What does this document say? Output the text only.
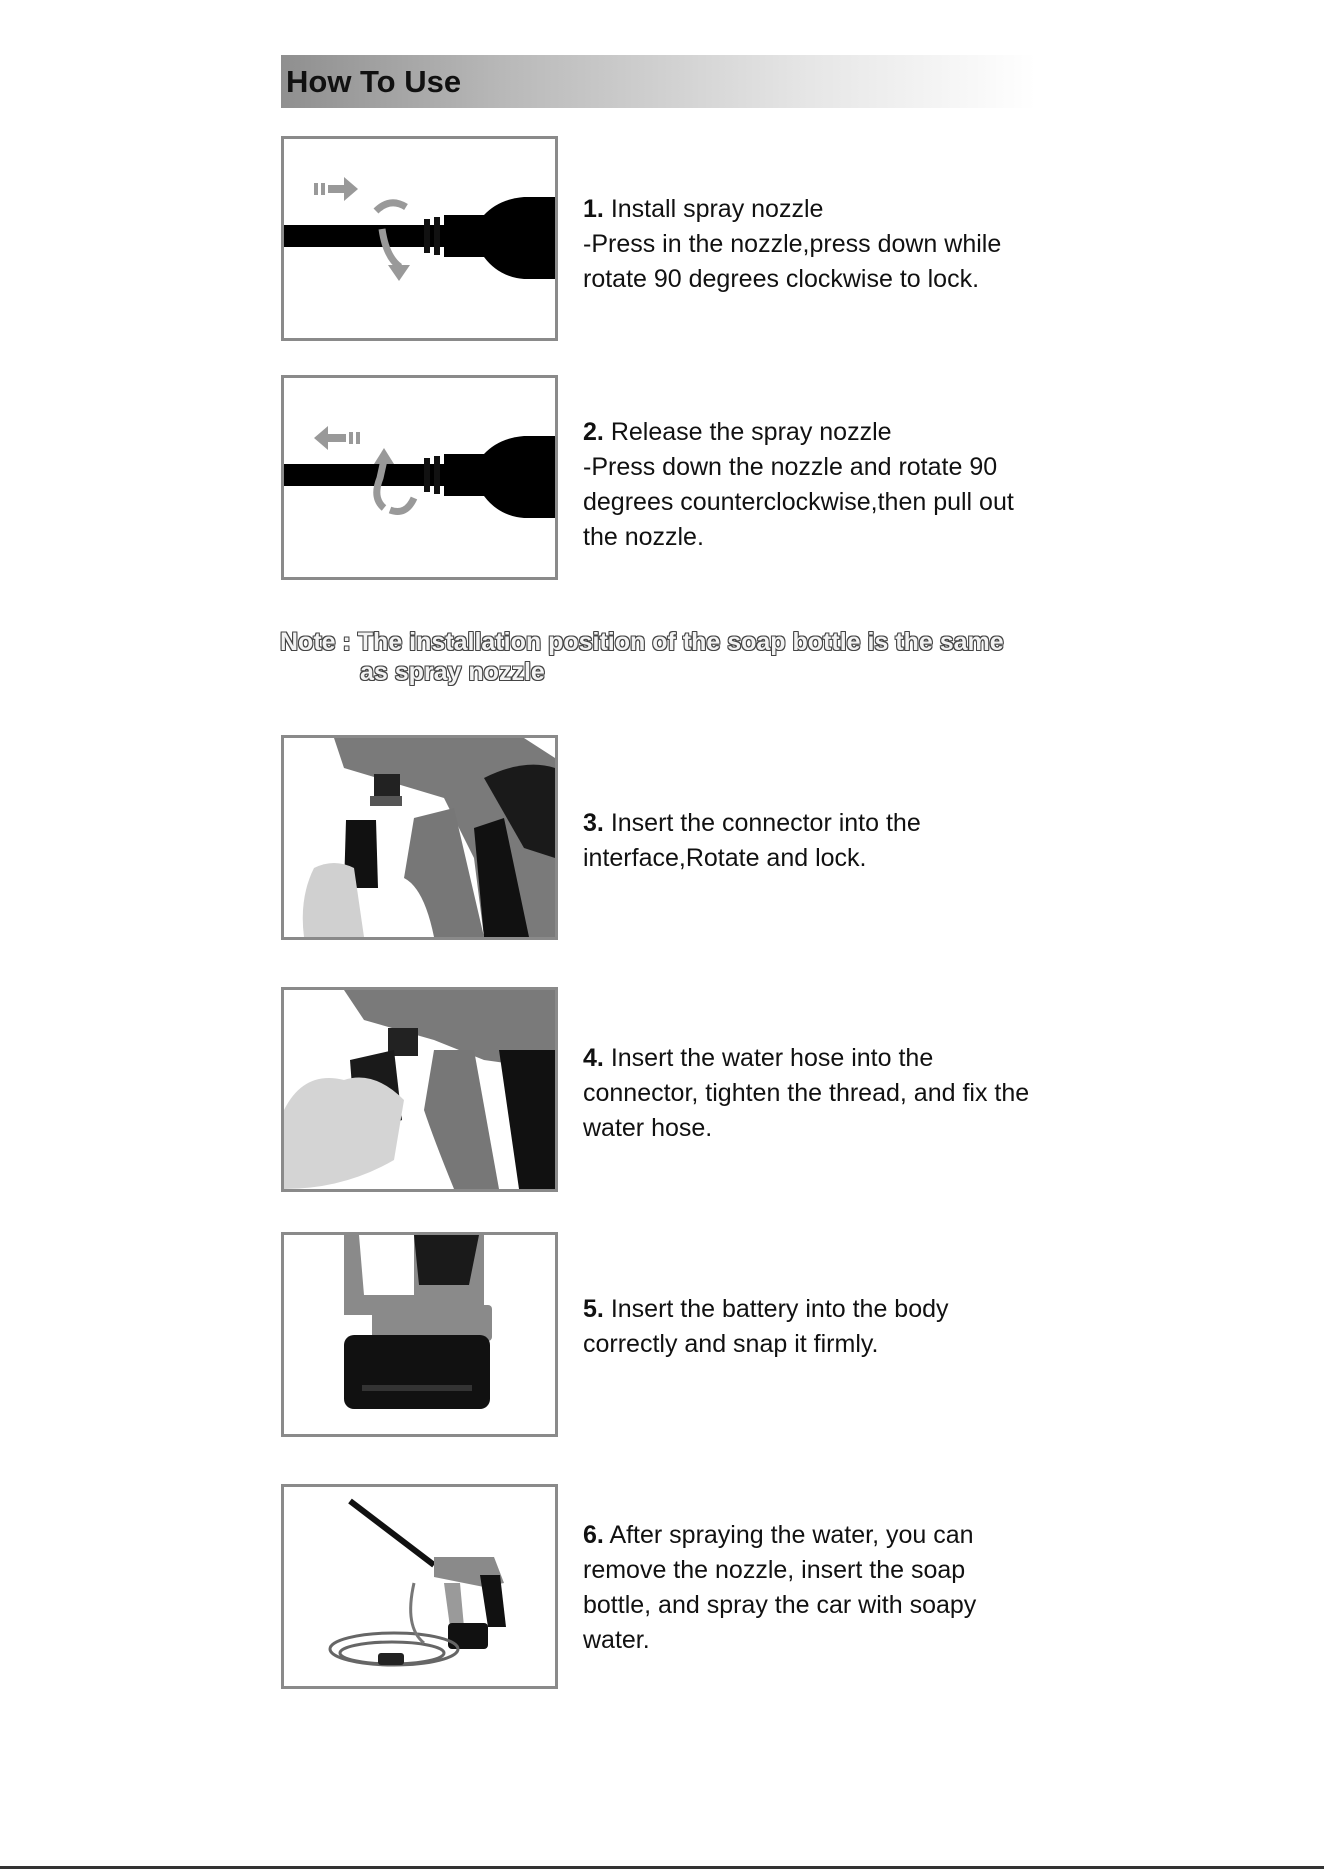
How To Use
1. Install spray nozzle
-Press in the nozzle,press down while rotate 90 degrees clockwise to lock.
2. Release the spray nozzle
-Press down the nozzle and rotate 90 degrees counterclockwise,then pull out the nozzle.
Note : The installation position of the soap bottle is the same
as spray nozzle
3. Insert the connector into the interface,Rotate and lock.
4. Insert the water hose into the connector, tighten the thread, and fix the water hose.
5. Insert the battery into the body correctly and snap it firmly.
6. After spraying the water, you can remove the nozzle, insert the soap bottle, and spray the car with soapy water.
